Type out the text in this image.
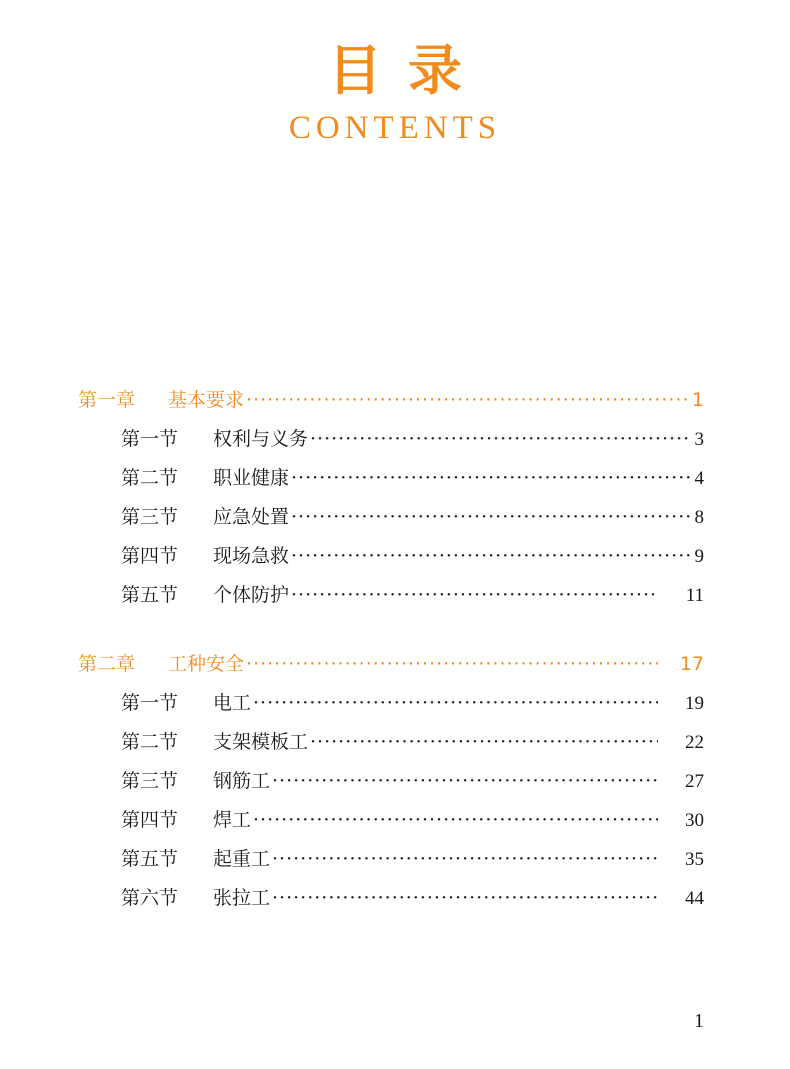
目录
CONTENTS
第一章	基本要求 ·····	1
第一节	权利与义务 ·····	3
第二节	职业健康 ·····	4
第三节	应急处置 ·····	8
第四节	现场急救 ·····	9
第五节	个体防护 ·····	11
第二章	工种安全 ·····	17
第一节	电工 ·····	19
第二节	支架模板工 ·····	22
第三节	钢筋工 ·····	27
第四节	焊工 ·····	30
第五节	起重工 ·····	35
第六节	张拉工 ·····	44
1
